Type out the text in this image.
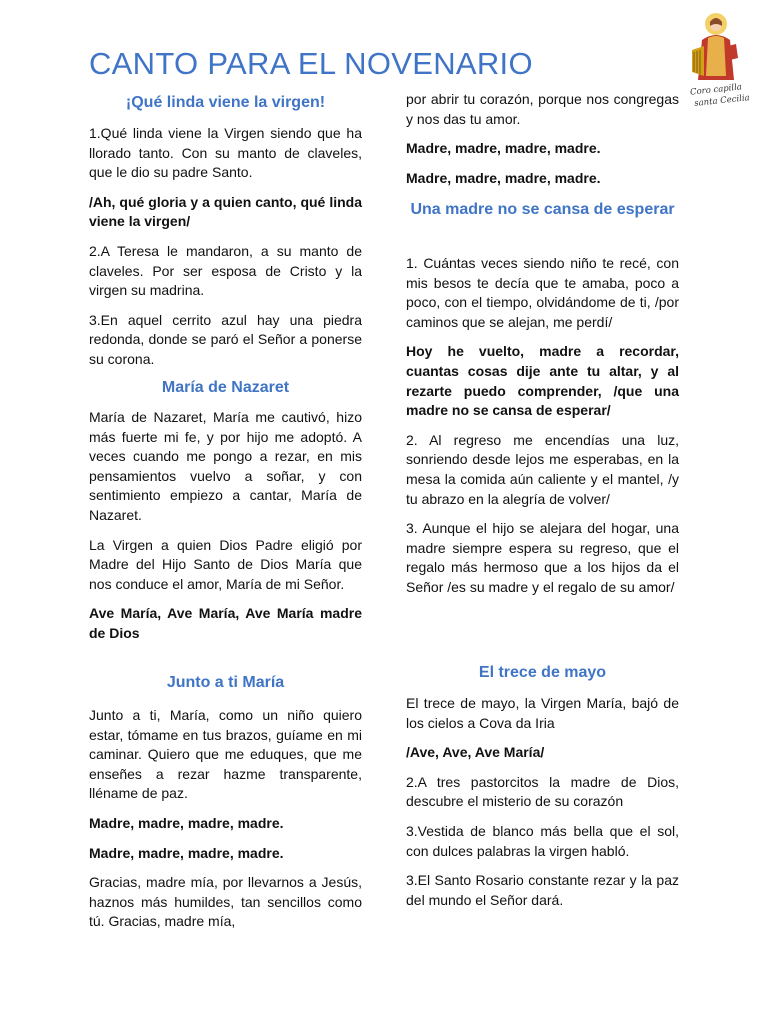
CANTO PARA EL NOVENARIO
Coro capilla
santa Cecilia
¡Qué linda viene la virgen!

1.Qué linda viene la Virgen siendo que ha llorado tanto. Con su manto de claveles, que le dio su padre Santo.

/Ah, qué gloria y a quien canto, qué linda viene la virgen/

2.A Teresa le mandaron, a su manto de claveles. Por ser esposa de Cristo y la virgen su madrina.

3.En aquel cerrito azul hay una piedra redonda, donde se paró el Señor a ponerse su corona.

María de Nazaret

María de Nazaret, María me cautivó, hizo más fuerte mi fe, y por hijo me adoptó. A veces cuando me pongo a rezar, en mis pensamientos vuelvo a soñar, y con sentimiento empiezo a cantar, María de Nazaret.

La Virgen a quien Dios Padre eligió por Madre del Hijo Santo de Dios María que nos conduce el amor, María de mi Señor.

Ave María, Ave María, Ave María madre de Dios

Junto a ti María

Junto a ti, María, como un niño quiero estar, tómame en tus brazos, guíame en mi caminar. Quiero que me eduques, que me enseñes a rezar hazme transparente, lléname de paz.

Madre, madre, madre, madre.

Madre, madre, madre, madre.

Gracias, madre mía, por llevarnos a Jesús, haznos más humildes, tan sencillos como tú. Gracias, madre mía,

por abrir tu corazón, porque nos congregas y nos das tu amor.

Madre, madre, madre, madre.

Madre, madre, madre, madre.

Una madre no se cansa de esperar

1. Cuántas veces siendo niño te recé, con mis besos te decía que te amaba, poco a poco, con el tiempo, olvidándome de ti, /por caminos que se alejan, me perdí/

Hoy he vuelto, madre a recordar, cuantas cosas dije ante tu altar, y al rezarte puedo comprender, /que una madre no se cansa de esperar/

2. Al regreso me encendías una luz, sonriendo desde lejos me esperabas, en la mesa la comida aún caliente y el mantel, /y tu abrazo en la alegría de volver/

3. Aunque el hijo se alejara del hogar, una madre siempre espera su regreso, que el regalo más hermoso que a los hijos da el Señor /es su madre y el regalo de su amor/

El trece de mayo

El trece de mayo, la Virgen María, bajó de los cielos a Cova da Iria

/Ave, Ave, Ave María/

2.A tres pastorcitos la madre de Dios, descubre el misterio de su corazón

3.Vestida de blanco más bella que el sol, con dulces palabras la virgen habló.

3.El Santo Rosario constante rezar y la paz del mundo el Señor dará.
